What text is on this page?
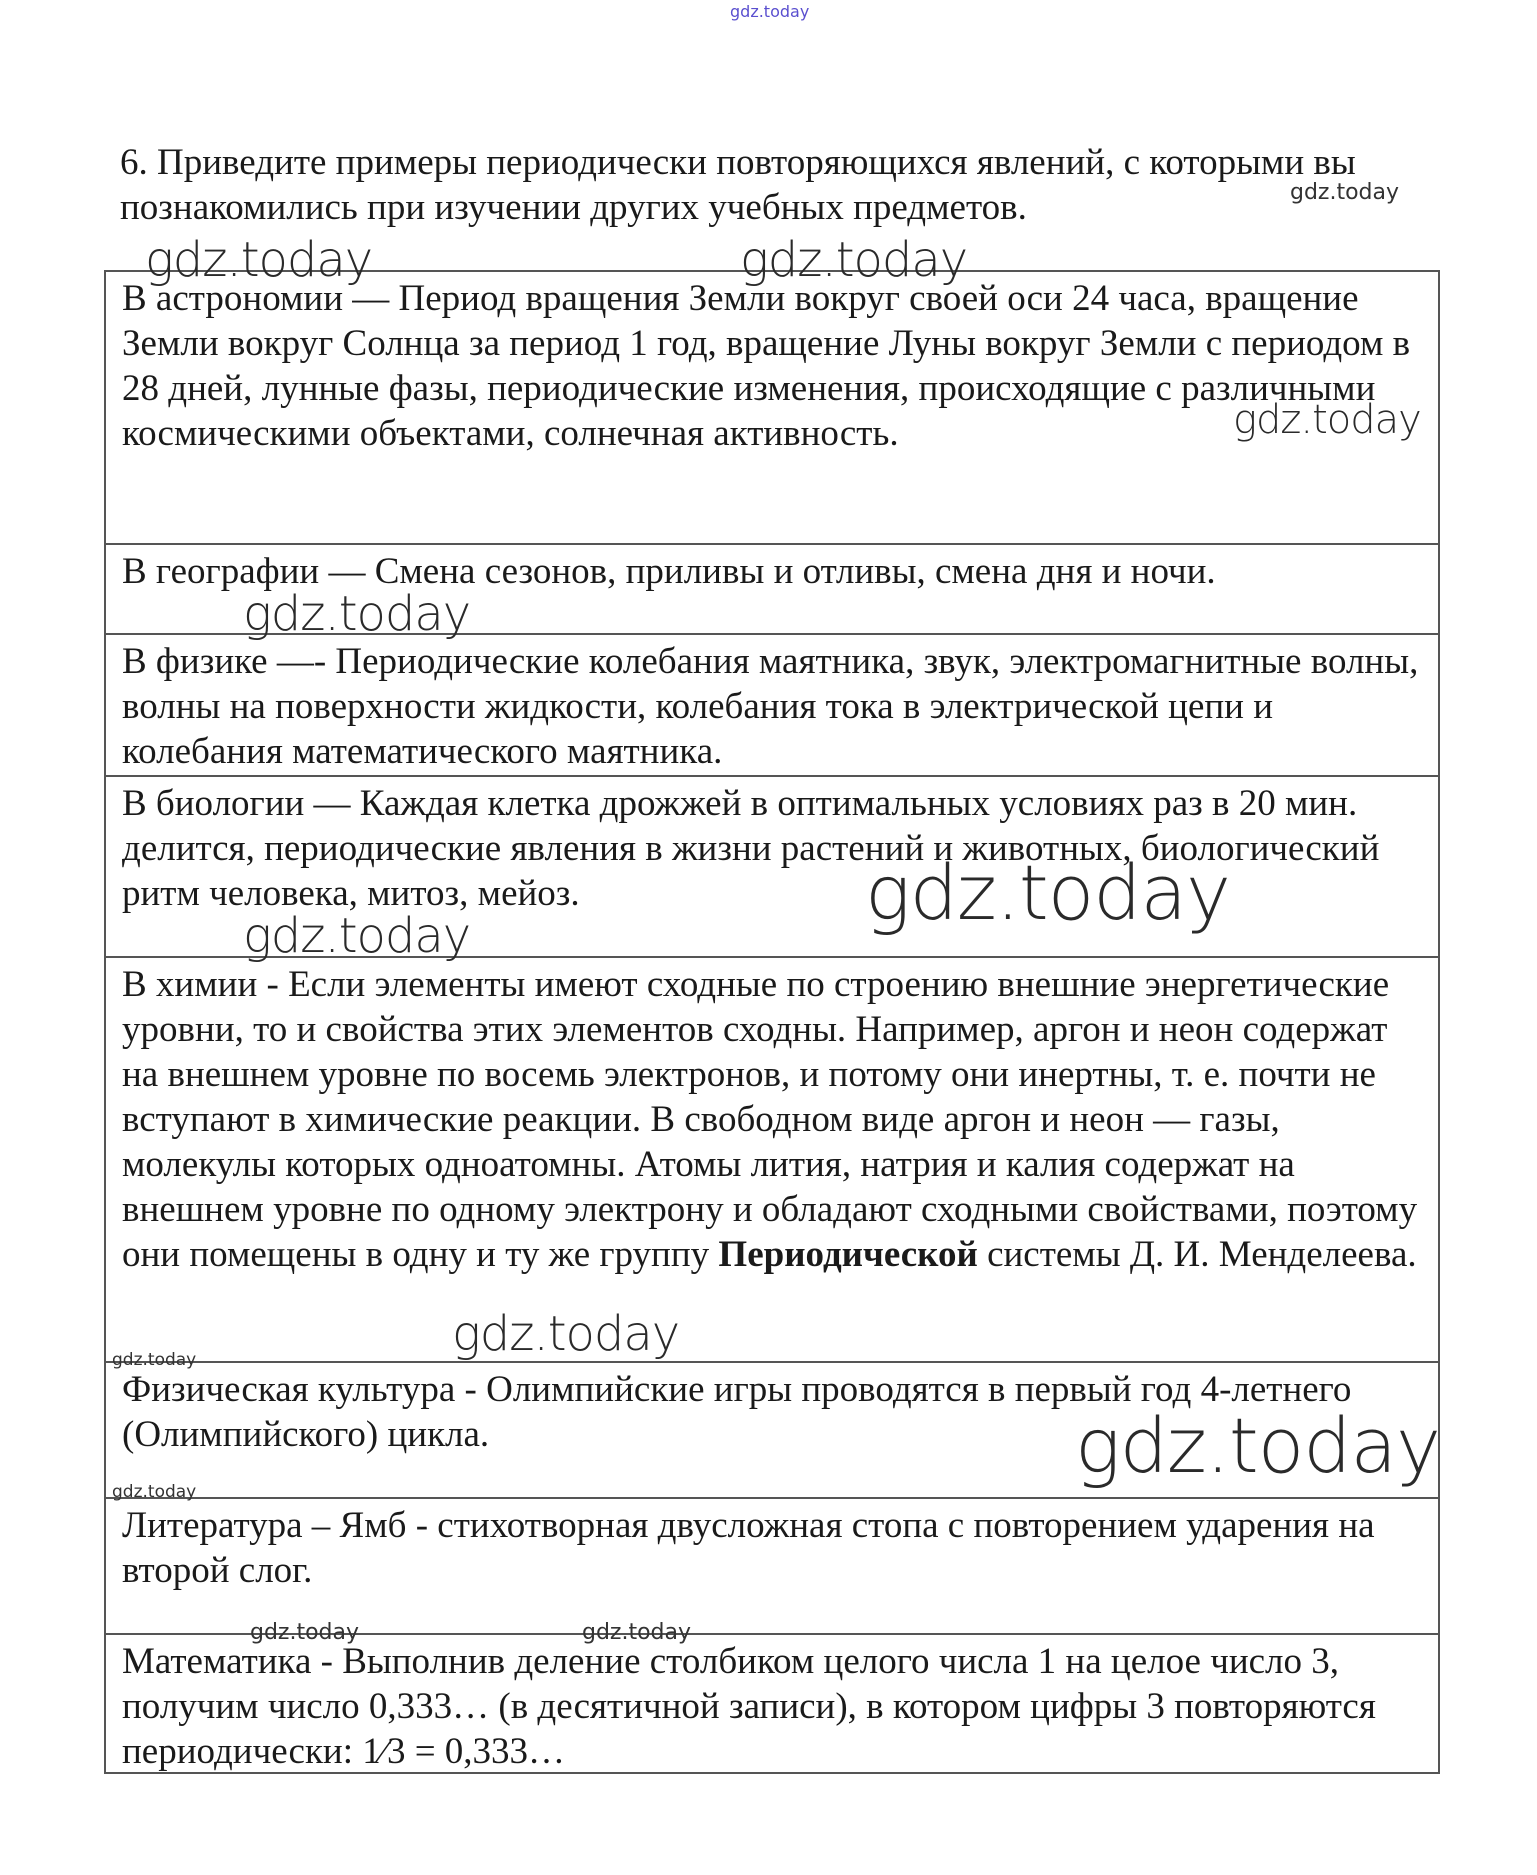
gdz.today
gdz.today
gdz.today	gdz.today
gdz.today
gdz.today
gdz.today
gdz.today
gdz.today
gdz.today
gdz.today
gdz.today
gdz.today	gdz.today
6. Приведите примеры периодически повторяющихся явлений, с которыми вы познакомились при изучении других учебных предметов.
В астрономии — Период вращения Земли вокруг своей оси 24 часа, вращение Земли вокруг Солнца за период 1 год, вращение Луны вокруг Земли с периодом в 28 дней, лунные фазы, периодические изменения, происходящие с различными космическими объектами, солнечная активность.
В географии — Смена сезонов, приливы и отливы, смена дня и ночи.
В физике —- Периодические колебания маятника, звук, электромагнитные волны, волны на поверхности жидкости, колебания тока в электрической цепи и колебания математического маятника.
В биологии — Каждая клетка дрожжей в оптимальных условиях раз в 20 мин. делится, периодические явления в жизни растений и животных, биологический ритм человека, митоз, мейоз.
В химии - Если элементы имеют сходные по строению внешние энергетические уровни, то и свойства этих элементов сходны. Например, аргон и неон содержат на внешнем уровне по восемь электронов, и потому они инертны, т. е. почти не вступают в химические реакции. В свободном виде аргон и неон — газы, молекулы которых одноатомны. Атомы лития, натрия и калия содержат на внешнем уровне по одному электрону и обладают сходными свойствами, поэтому они помещены в одну и ту же группу Периодической системы Д. И. Менделеева.
Физическая культура - Олимпийские игры проводятся в первый год 4-летнего (Олимпийского) цикла.
Литература – Ямб - стихотворная двусложная стопа с повторением ударения на второй слог.
Математика - Выполнив деление столбиком целого числа 1 на целое число 3, получим число 0,333… (в десятичной записи), в котором цифры 3 повторяются периодически: 1⁄3 = 0,333…
